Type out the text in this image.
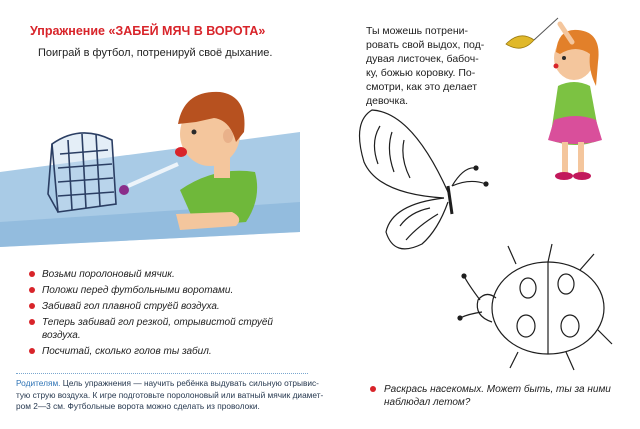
Упражнение «ЗАБЕЙ МЯЧ В ВОРОТА»
Поиграй в футбол, потренируй своё дыхание.
Возьми поролоновый мячик.
Положи перед футбольными воротами.
Забивай гол плавной струёй воздуха.
Теперь забивай гол резкой, отрывистой струёй воздуха.
Посчитай, сколько голов ты забил.
Родителям. Цель упражнения — научить ребёнка выдувать сильную отрывис-
тую струю воздуха. К игре подготовьте поролоновый или ватный мячик диамет-
ром 2—3 см. Футбольные ворота можно сделать из проволоки.
Ты можешь потрени-
ровать свой выдох, под-
дувая листочек, бабоч-
ку, божью коровку. По-
смотри, как это делает
девочка.
Раскрась насекомых. Может быть, ты за ними
наблюдал летом?
